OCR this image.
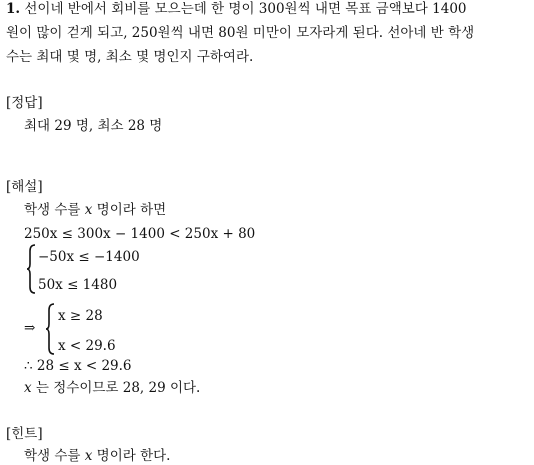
1. 선이네 반에서 회비를 모으는데 한 명이 300원씩 내면 목표 금액보다 1400
원이 많이 걷게 되고, 250원씩 내면 80원 미만이 모자라게 된다. 선아네 반 학생
수는 최대 몇 명, 최소 몇 명인지 구하여라.
[정답]
최대 29 명, 최소 28 명
[해설]
학생 수를 x 명이라 하면
250x ≤ 300x − 1400 < 250x + 80
−50x ≤ −1400
50x ≤ 1480
⇒
x ≥ 28
x < 29.6
∴ 28 ≤ x < 29.6
x 는 정수이므로 28, 29 이다.
[힌트]
학생 수를 x 명이라 한다.
